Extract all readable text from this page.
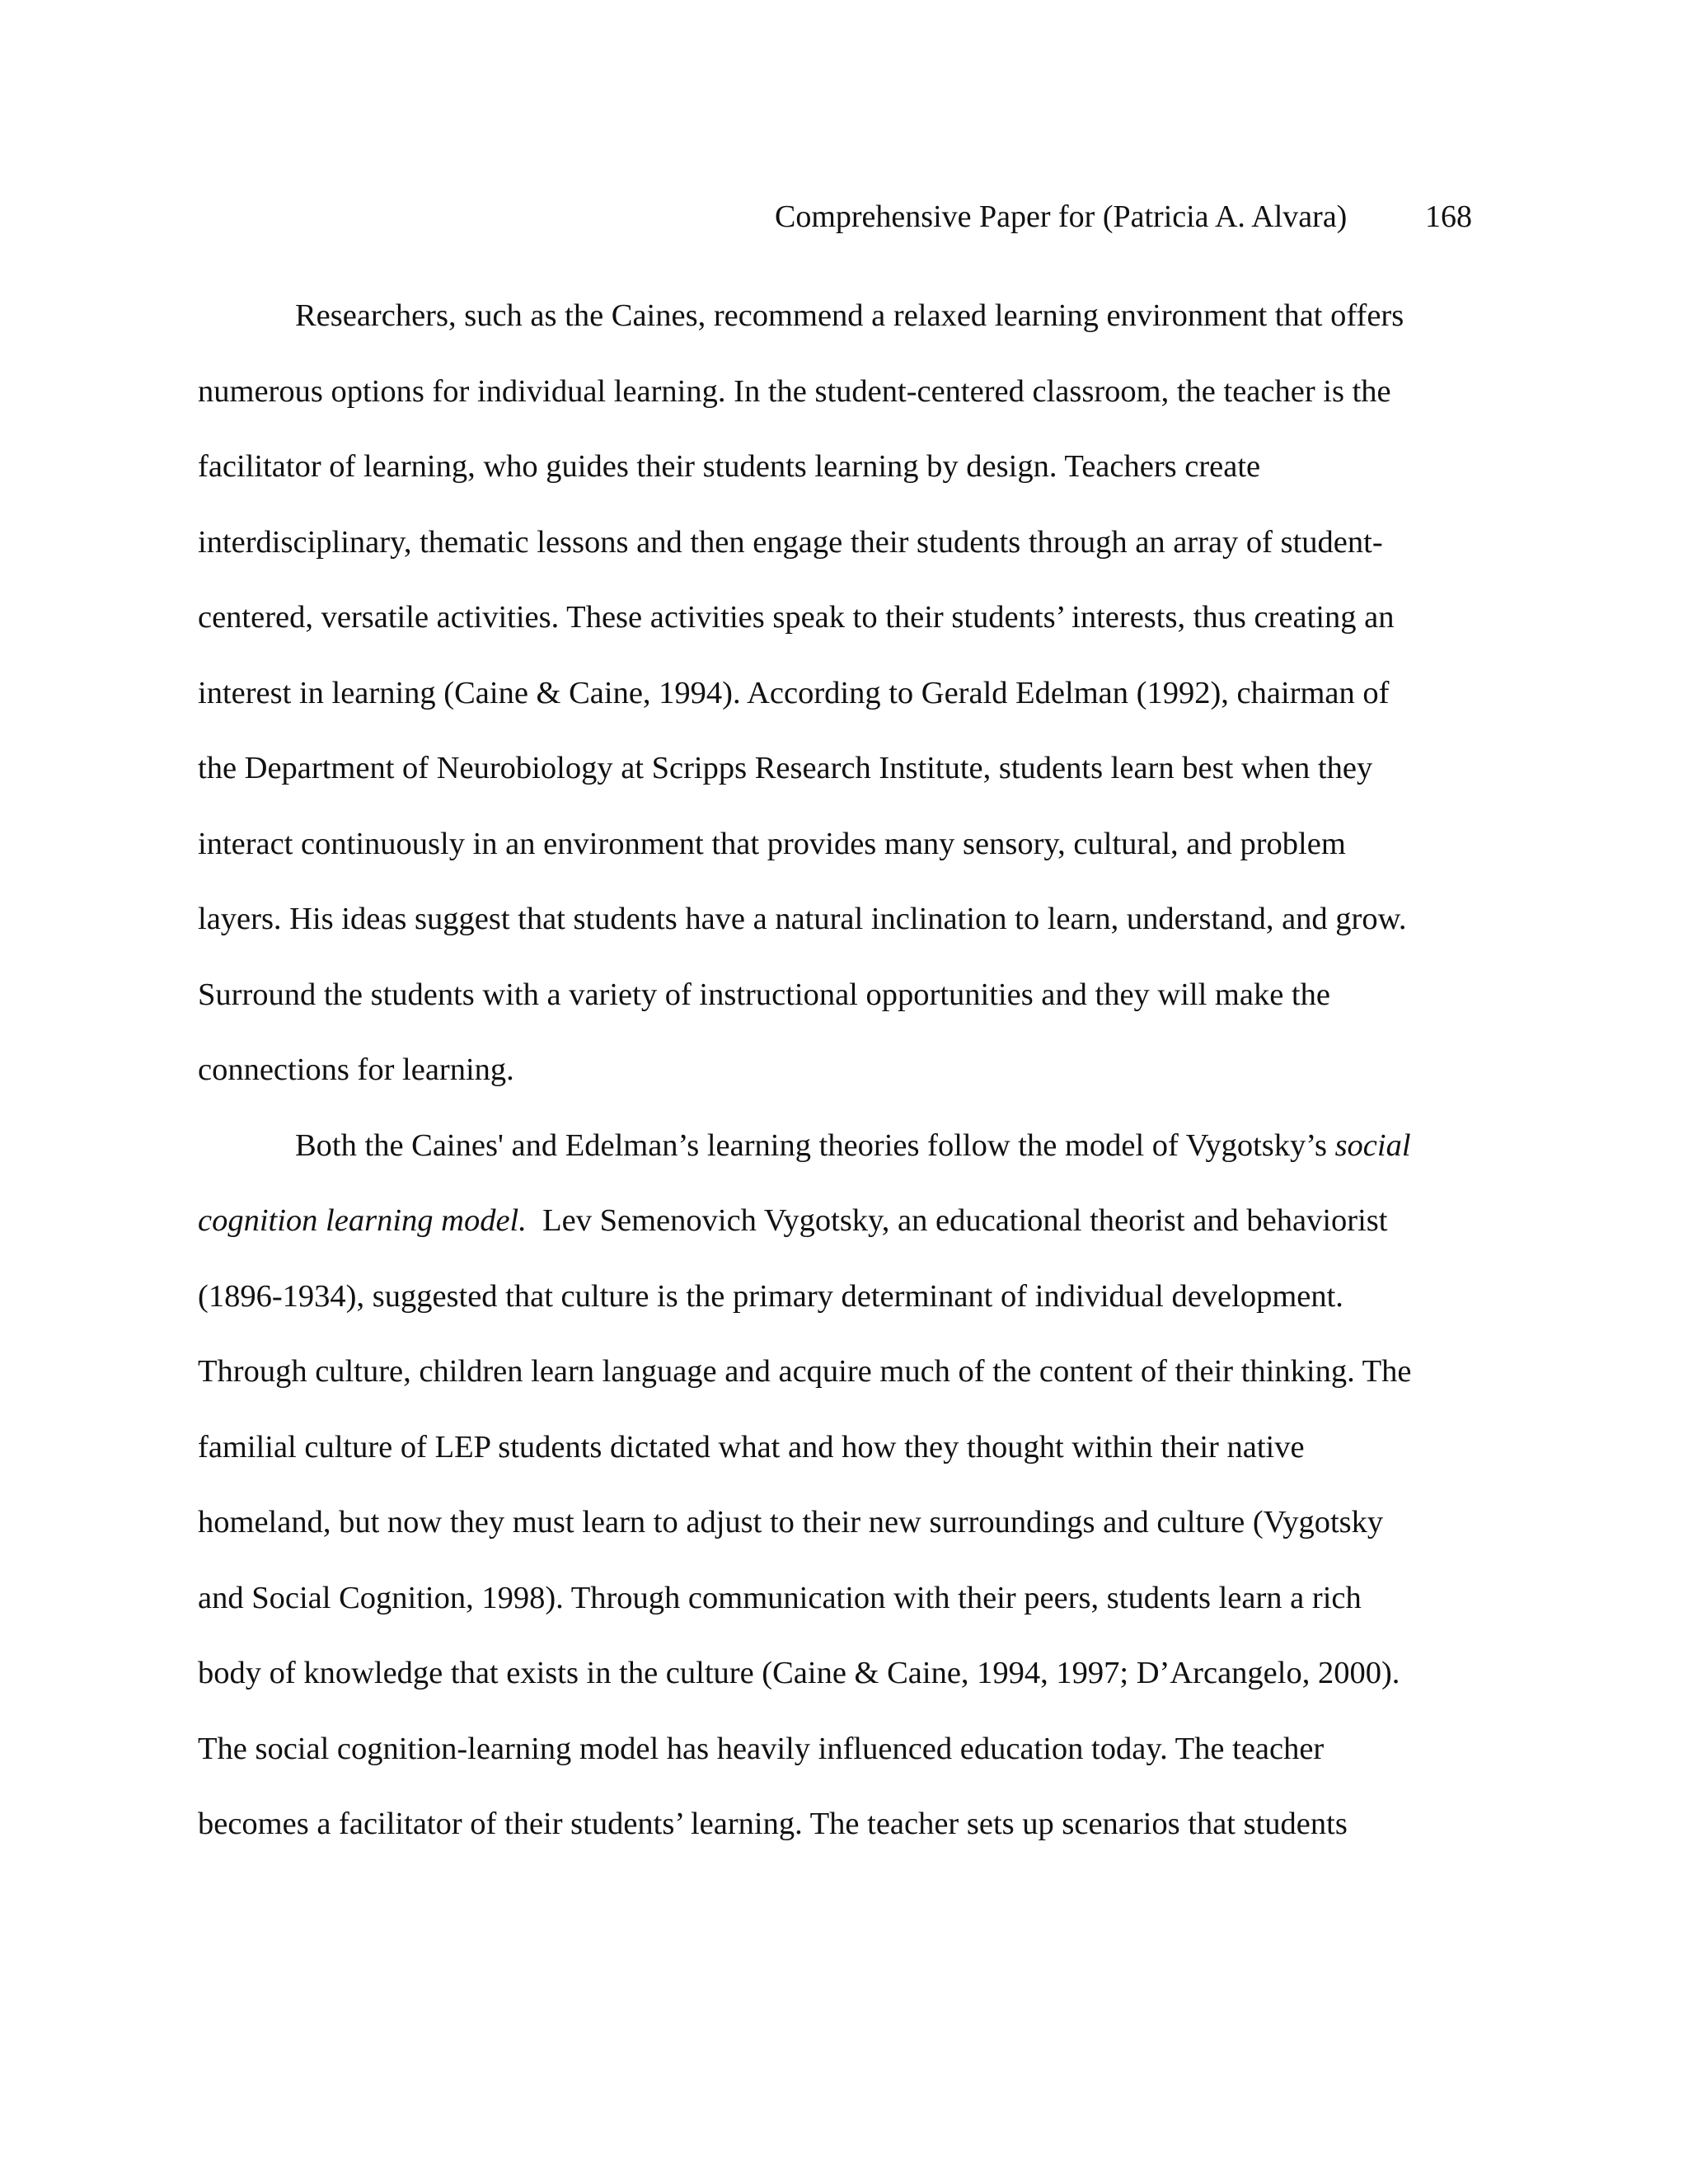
Comprehensive Paper for (Patricia A. Alvara) 168
Researchers, such as the Caines, recommend a relaxed learning environment that offers
numerous options for individual learning. In the student-centered classroom, the teacher is the
facilitator of learning, who guides their students learning by design. Teachers create
interdisciplinary, thematic lessons and then engage their students through an array of student-
centered, versatile activities. These activities speak to their students’ interests, thus creating an
interest in learning (Caine & Caine, 1994). According to Gerald Edelman (1992), chairman of
the Department of Neurobiology at Scripps Research Institute, students learn best when they
interact continuously in an environment that provides many sensory, cultural, and problem
layers. His ideas suggest that students have a natural inclination to learn, understand, and grow.
Surround the students with a variety of instructional opportunities and they will make the
connections for learning.
Both the Caines' and Edelman’s learning theories follow the model of Vygotsky’s social
cognition learning model.  Lev Semenovich Vygotsky, an educational theorist and behaviorist
(1896-1934), suggested that culture is the primary determinant of individual development.
Through culture, children learn language and acquire much of the content of their thinking. The
familial culture of LEP students dictated what and how they thought within their native
homeland, but now they must learn to adjust to their new surroundings and culture (Vygotsky
and Social Cognition, 1998). Through communication with their peers, students learn a rich
body of knowledge that exists in the culture (Caine & Caine, 1994, 1997; D’Arcangelo, 2000).
The social cognition-learning model has heavily influenced education today. The teacher
becomes a facilitator of their students’ learning. The teacher sets up scenarios that students
